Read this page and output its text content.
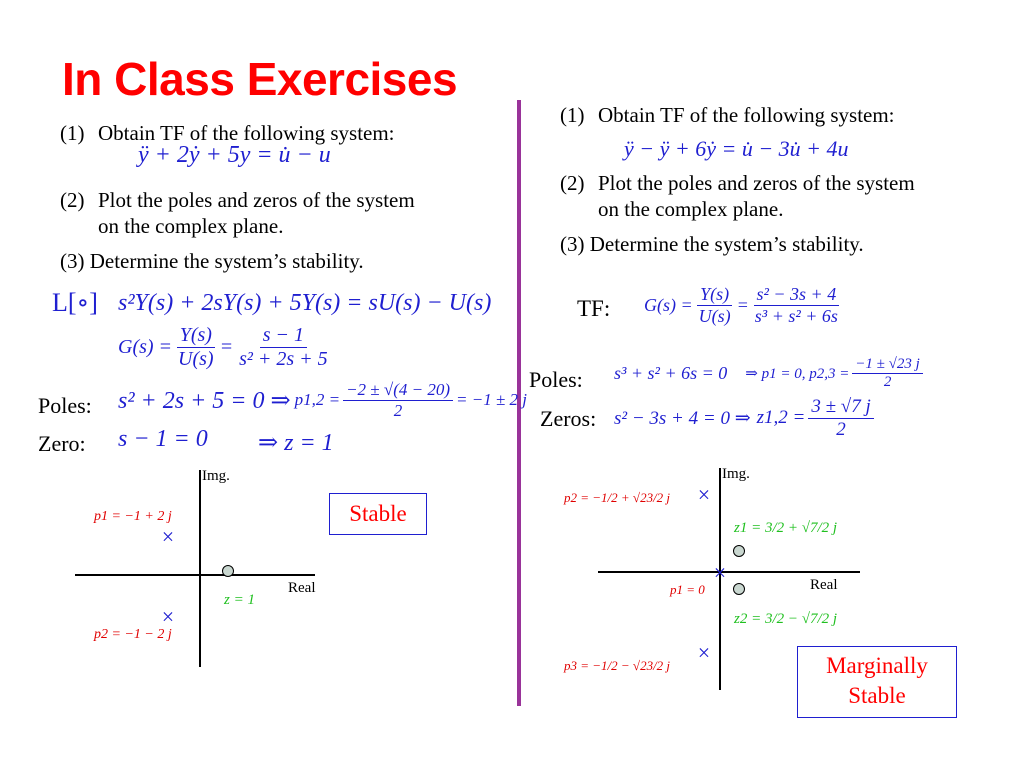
In Class Exercises
(1) Obtain TF of the following system:
ÿ + 2ẏ + 5y = u̇ − u
(2) Plot the poles and zeros of the system
on the complex plane.
(3) Determine the system’s stability.
L[∘] s²Y(s) + 2sY(s) + 5Y(s) = sU(s) − U(s)
$G(s) = \frac{Y(s)}{U(s)} = \frac{s - 1}{\text{s² + 2s + 5}}$
Poles: s² + 2s + 5 = 0 ⇒ $p1,2 = \frac{-2 \pm √(4 - 20)}{2} = -1 \pm 2$ j
Zero: s − 1 = 0 ⇒ z = 1
Img.
Real
×
×
p1 = −1 + 2 j
p2 = −1 − 2 j
z = 1
Stable
(1) Obtain TF of the following system:
ÿ − ÿ + 6ẏ = u̇ − 3u̇ + 4u
(2) Plot the poles and zeros of the system
on the complex plane.
(3) Determine the system’s stability.
TF: $G(s) = \frac{Y(s)}{U(s)} = \frac{\text{s² − 3s + 4}}{\text{s³ + s² + 6s}}$
Poles: s³ + s² + 6s = 0 ⇒ p1 = 0, $p2,3 = \frac{-1 \pm √23 j}{2}$
Zeros: s² − 3s + 4 = 0 ⇒ $z1,2 = \frac{3 \pm √7 j}{2}$
Img.
Real
×
×
×
p2 = −1/2 + √23/2 j
p1 = 0
p3 = −1/2 − √23/2 j
z1 = 3/2 + √7/2 j
z2 = 3/2 − √7/2 j
Marginally
Stable
